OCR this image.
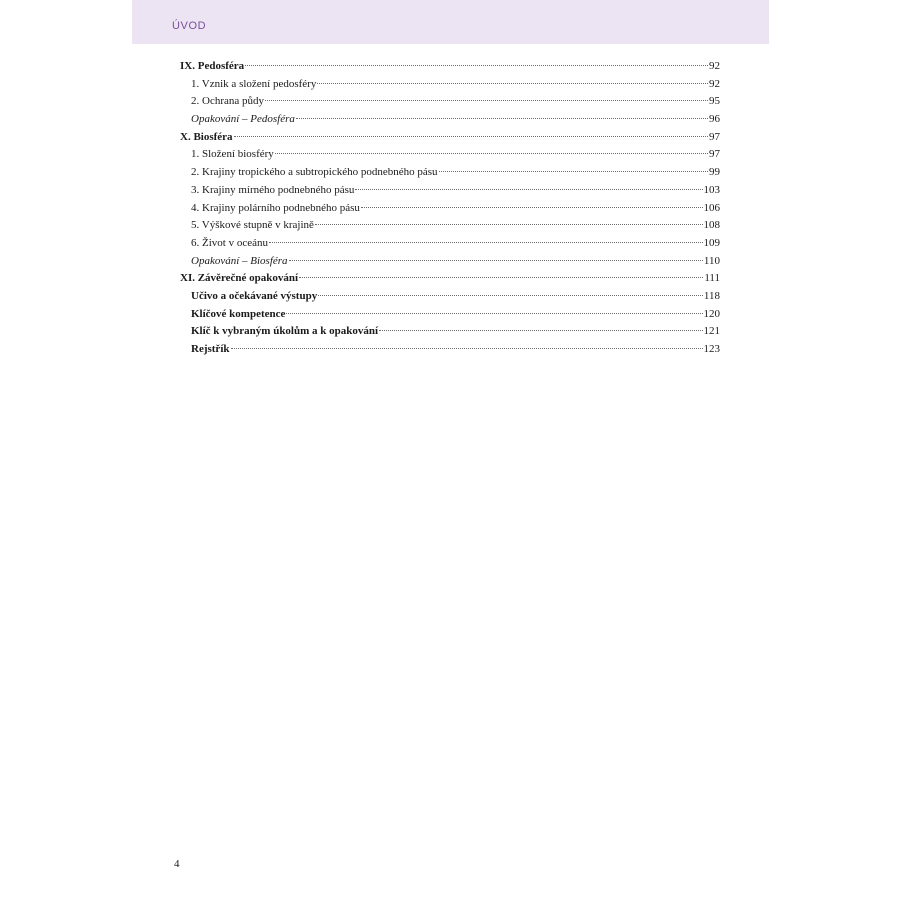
ÚVOD
IX. Pedosféra	92
1. Vznik a složení pedosféry	92
2. Ochrana půdy	95
Opakování – Pedosféra	96
X. Biosféra	97
1. Složení biosféry	97
2. Krajiny tropického a subtropického podnebného pásu	99
3. Krajiny mírného podnebného pásu	103
4. Krajiny polárního podnebného pásu	106
5. Výškové stupně v krajině	108
6. Život v oceánu	109
Opakování – Biosféra	110
XI. Závěrečné opakování	111
Učivo a očekávané výstupy	118
Klíčové kompetence	120
Klíč k vybraným úkolům a k opakování	121
Rejstřík	123
4
